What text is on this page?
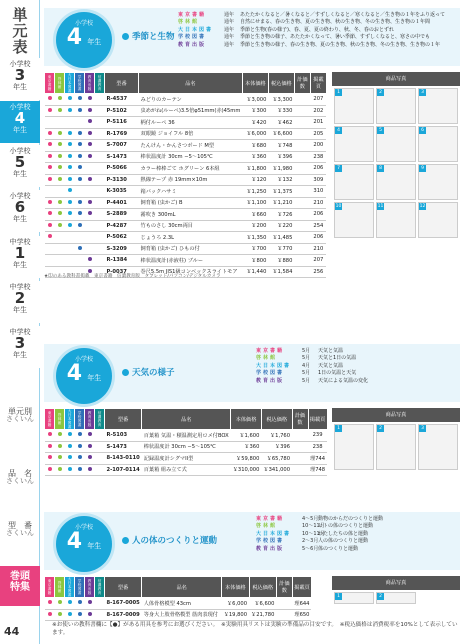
単
元
表
小学校
3
年生
小学校
4
年生
小学校
5
年生
小学校
6
年生
中学校
1
年生
中学校
2
年生
中学校
3
年生
単元別
さくいん
品　名
さくいん
型　番
さくいん
巻頭
特集
44	※お使いの教科書欄に【●】がある用具を参考にお選びください。　※実験用具リストは実験の準備品の目安です。　※税込価格は消費税率を10%として表示しています。
小学校
4 年生	季節と生物
東京書籍	通年 あたたかくなると／暑くなると／すずしくなると／寒くなると／生き物の１年をふり返って
啓林館	通年 自然にせまる、春の生き物、夏の生き物、秋の生き物、冬の生き物、生き物の１年間
大日本図書 通年 季節と生物(春の様子)、春、夏、夏の終わり、秋、冬、春のおとずれ
学校図書	通年 季節と生き物の様子、あたたかくなって、暑い季節、すずしくなると、寒さの中でも
教育出版	通年 季節と生き物の様子、春の生き物、夏の生き物、秋の生き物、冬の生き物、生き物の１年
東京書籍	啓林館	大日本図書	学校図書	教育出版	信濃教育	型番	品名	本体価格	税込価格	計価数	掲載頁
						R-4537	みどりのカーテン	￥3,000	￥3,300		207
						P-5102	虫めがね(ルーペ)3.5倍φ51mm(赤)45mm	￥300	￥330		202
						P-5116	柄付ルーペ 36	￥420	￥462		201
						R-1769	双眼鏡 ジョイフル 8倍	￥6,000	￥6,600		205
						S-7007	たんけん・かんさつボード M型	￥680	￥748		200
						S-1473	棒状温度計 30cm −5〜105℃	￥360	￥396		238
						P-5066	カラー棒棒ごて ホグリーン 6本組	￥1,800	￥1,980		206
						P-3130	熱線テープ 赤 19mm×10m	￥120	￥132		309
						K-3035	箱バックハサミ	￥1,250	￥1,375		310
						P-4401	飼育箱 (虫かご) B	￥1,100	￥1,210		210
						S-2889	霧吹き 300mL	￥660	￥726		206
						P-4287	竹ものさし 30cm両目	￥200	￥220		254
						P-5062	じょうろ 2.3L	￥1,350	￥1,485		206
						S-3209	飼育箱 (虫かご) ひもの付	￥700	￥770		210
						R-1384	棒状温度計(赤液柱) ブルー	￥800	￥880		207
						P-0037	巻尺5.5m JIS1級コンベックスライトモア	￥1,440	￥1,584		256
商品写真
1	2	3
4	5	6
7	8	9
10	11	12
★印のある教科書掲載　東京書籍　信濃教育版　タブレット/パソコン/デジタルカメラ
小学校
4 年生	天気の様子
東京書籍	5月 天気と気温
啓林館	5月 天気と1日の気温
大日本図書 4月 天気と気温
学校図書	5月 1日の気温と天気
教育出版	5月 天気による気温の変化
東京書籍	啓林館	大日本図書	学校図書	教育出版	信濃教育	型番	品名	本体価格	税込価格	計価数	掲載頁
						R-5103	百葉箱 気温・積温測定用ロメ付BOX	￥1,600	￥1,760		239
						S-1473	棒状温度計 30cm −5〜105℃	￥360	￥396		238
						8-143-0110	記録温度計シグマII型	￥59,800	￥65,780		理744
						2-107-0114	百葉箱 組み立て式	￥310,000	￥341,000		理748
商品写真
1	2	3
小学校
4 年生	人の体のつくりと運動
東京書籍	4〜5月動物のからだのつくりと運動
啓林館	10〜11月ヒトの体のつくりと運動
大日本図書 10〜11月わたしたちの体と運動
学校図書	2〜3月人の体のつくりと運動
教育出版	5〜6月体のつくりと運動
東京書籍	啓林館	大日本図書	学校図書	教育出版	信濃教育	型番	品名	本体価格	税込価格	計価数	掲載頁
						8-167-0005	人体骨格模型 43cm	￥6,000	￥6,600		理644
						8-167-0009	等身大上肢骨格模型 筋肉表現付	￥19,800	￥21,780		理650
商品写真
1	2
